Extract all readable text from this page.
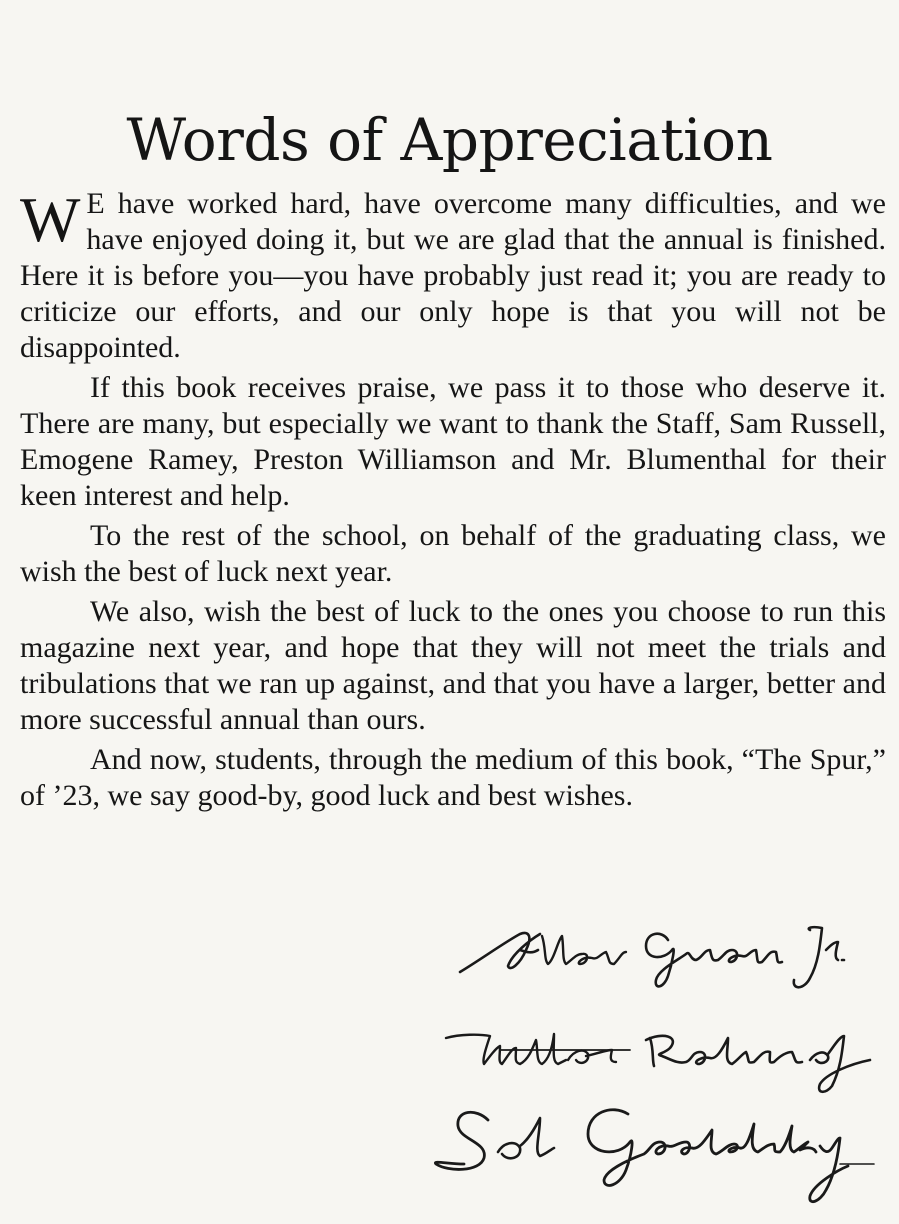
Words of Appreciation

W E have worked hard, have overcome many difficulties, and we have enjoyed doing it, but we are glad that the annual is finished. Here it is before you—you have probably just read it; you are ready to criticize our efforts, and our only hope is that you will not be disappointed.

If this book receives praise, we pass it to those who deserve it. There are many, but especially we want to thank the Staff, Sam Russell, Emogene Ramey, Preston Williamson and Mr. Blumenthal for their keen interest and help.

To the rest of the school, on behalf of the graduating class, we wish the best of luck next year.

We also, wish the best of luck to the ones you choose to run this magazine next year, and hope that they will not meet the trials and tribulations that we ran up against, and that you have a larger, better and more successful annual than ours.

And now, students, through the medium of this book, “The Spur,” of ’23, we say good-by, good luck and best wishes.
